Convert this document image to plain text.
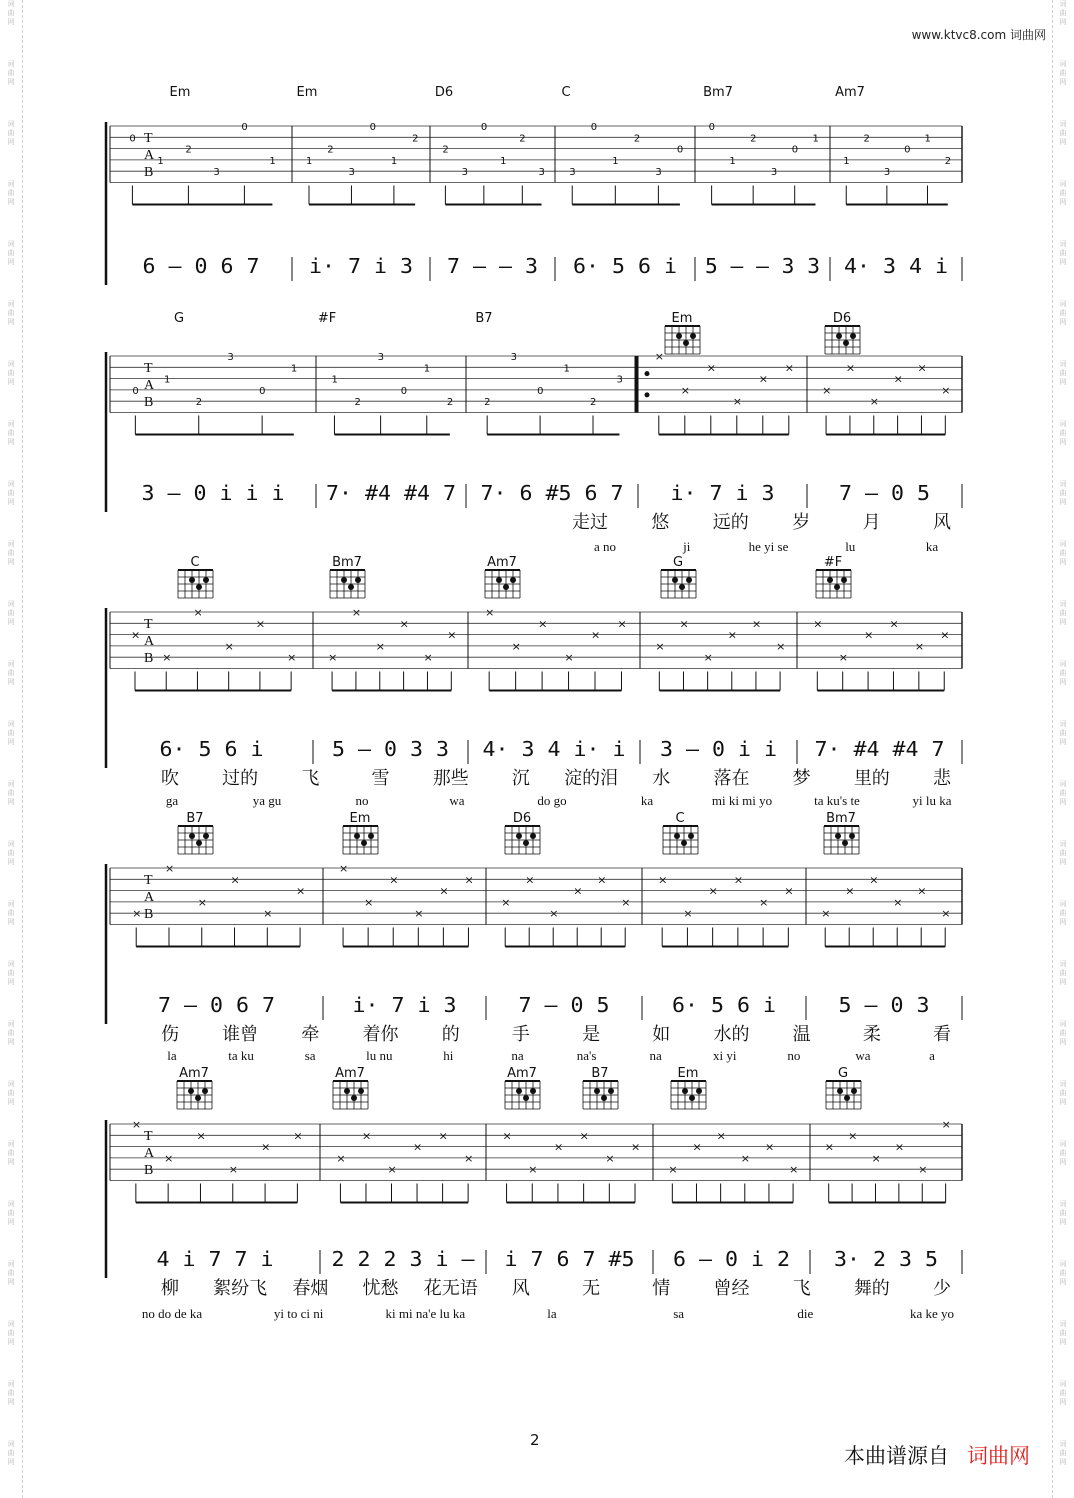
词
曲
网
词
曲
网
词
曲
网
词
曲
网
词
曲
网
词
曲
网
词
曲
网
词
曲
网
词
曲
网
词
曲
网
词
曲
网
词
曲
网
词
曲
网
词
曲
网
词
曲
网
词
曲
网
词
曲
网
词
曲
网
词
曲
网
词
曲
网
词
曲
网
词
曲
网
词
曲
网
词
曲
网
词
曲
网
词
曲
网
词
曲
网
词
曲
网
词
曲
网
词
曲
网
词
曲
网
词
曲
网
词
曲
网
词
曲
网
词
曲
网
词
曲
网
词
曲
网
词
曲
网
词
曲
网
词
曲
网
词
曲
网
词
曲
网
词
曲
网
词
曲
网
词
曲
网
词
曲
网
词
曲
网
词
曲
网
词
曲
网
词
曲
网
www.ktvc8.com 词曲网
T
A
B
0
1
2
3
0
1	1
2
3
0
1
2
2
3
0
1
2
3 3
0
1
2
3
0
0
1
2
3
0
1
1
2
3
0
1
2
Em	Em	D6	C	Bm7	Am7
6 — 0 6 7 i· 7 i 3 7 — — 3 6· 5 6 i 5 — — 3 3 4· 3 4 i
T
A
B
0
1
2
3
0
1
1
2
3
0
1
2	2
3
0
1
2
3
×
×
×
×
×
×
×
×
×
×
×
×
G	#F	B7	Em	D6
3 — 0 i i i 7· #4 #4 7 7· 6 #5 6 7 i· 7 i 3	7 — 0 5
走过 悠 远的 岁	月	风
a no	ji	he yi se	lu	ka
T
A
B
×
×
×
×
×
×	×
×
×
×
×
×
×
×
×
×
×
×
×
×
×
×
×
×
×
×
×
×
×
×
C	Bm7	Am7	G	#F
6· 5 6 i	5 — 0 3 3 4· 3 4 i· i 3 — 0 i i 7· #4 #4 7
吹 过的 飞	雪 那些 沉 淀的泪 水 落在 梦 里的 悲
ga	ya gu	no	wa	do go	ka	mi ki mi yo	ta ku's te	yi lu ka
T
A
B
×
×
×
×
×
×
×
×
×
×
×
×
×
×
×
×
×
×
×
×
×
×
×
×
×
×
×
×
×
×
B7	Em	D6	C	Bm7
7 — 0 6 7	i· 7 i 3	7 — 0 5	6· 5 6 i	5 — 0 3
伤 谁曾 牵 着你 的	手	是	如 水的 温	柔	看
la	ta ku	sa	lu nu	hi	na	na's	na	xi yi	no	wa	a
T
A
B
×
×
×
×
×
×
×
×
×
×
×
×
×
×
×
×
×
×
×
×
×
×
×
×
×
×
×
×
×
×
Am7	Am7	Am7	B7	Em	G
4 i 7 7 i	2 2 2 3 i — i 7 6 7 #5 6 — 0 i 2 3· 2 3 5
柳 絮纷飞 春烟 忧愁 花无语 风	无	情 曾经 飞 舞的 少
no do de ka	yi to ci ni	ki mi na'e lu ka	la	sa	die	ka ke yo
2
本曲谱源自 词曲网
